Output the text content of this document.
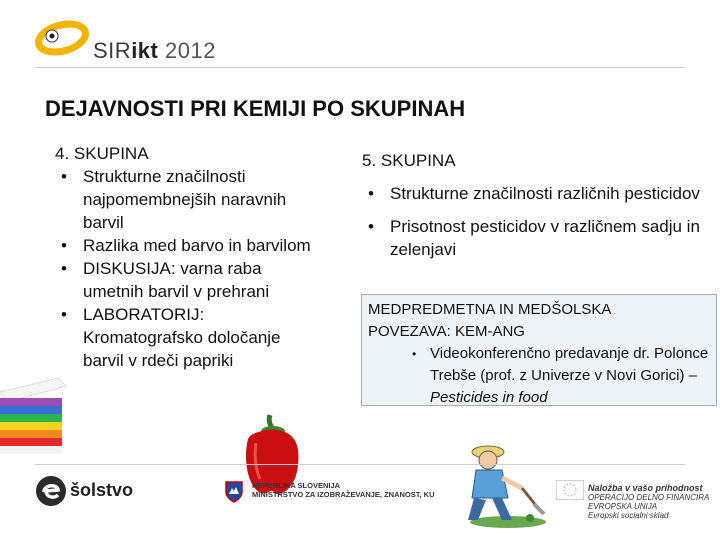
SIRikt 2012
DEJAVNOSTI PRI KEMIJI PO SKUPINAH
4. SKUPINA
• Strukturne značilnosti najpomembnejših naravnih barvil
• Razlika med barvo in barvilom
• DISKUSIJA: varna raba umetnih barvil v prehrani
• LABORATORIJ: Kromatografsko določanje barvil v rdeči papriki
5. SKUPINA
• Strukturne značilnosti različnih pesticidov
• Prisotnost pesticidov v različnem sadju in zelenjavi
MEDPREDMETNA IN MEDŠOLSKA
POVEZAVA: KEM-ANG
• Videokonferenčno predavanje dr. Polonce Trebše (prof. z Univerze v Novi Gorici) – Pesticides in food
šolstvo	REPUBLIKA SLOVENIJA
MINISTRSTVO ZA IZOBRAŽEVANJE, ZNANOST, KU
Naložba v vašo prihodnost
OPERACIJO DELNO FINANCIRA EVROPSKA UNIJA
Evropski socialni sklad
